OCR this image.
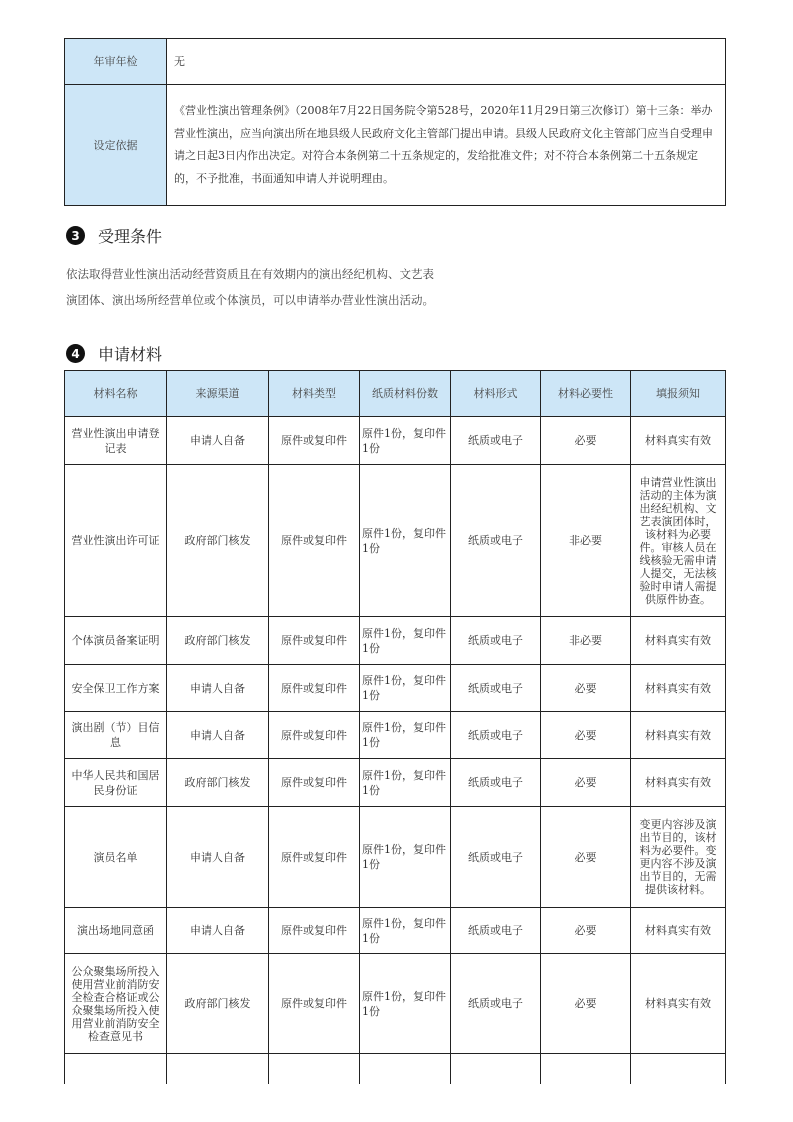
年审年检	无
设定依据	《营业性演出管理条例》（2008年7月22日国务院令第528号，2020年11月29日第三次修订）第十三条：举办营业性演出，应当向演出所在地县级人民政府文化主管部门提出申请。县级人民政府文化主管部门应当自受理申请之日起3日内作出决定。对符合本条例第二十五条规定的，发给批准文件；对不符合本条例第二十五条规定的，不予批准，书面通知申请人并说明理由。
3	受理条件
依法取得营业性演出活动经营资质且在有效期内的演出经纪机构、文艺表
演团体、演出场所经营单位或个体演员，可以申请举办营业性演出活动。
4	申请材料
材料名称	来源渠道	材料类型	纸质材料份数	材料形式	材料必要性	填报须知
营业性演出申请登记表	申请人自备	原件或复印件	原件1份，复印件1份	纸质或电子	必要	材料真实有效
营业性演出许可证	政府部门核发	原件或复印件	原件1份，复印件1份	纸质或电子	非必要	申请营业性演出活动的主体为演出经纪机构、文艺表演团体时，该材料为必要件。审核人员在线核验无需申请人提交，无法核验时申请人需提供原件协查。
个体演员备案证明	政府部门核发	原件或复印件	原件1份，复印件1份	纸质或电子	非必要	材料真实有效
安全保卫工作方案	申请人自备	原件或复印件	原件1份，复印件1份	纸质或电子	必要	材料真实有效
演出剧（节）目信息	申请人自备	原件或复印件	原件1份，复印件1份	纸质或电子	必要	材料真实有效
中华人民共和国居民身份证	政府部门核发	原件或复印件	原件1份，复印件1份	纸质或电子	必要	材料真实有效
演员名单	申请人自备	原件或复印件	原件1份，复印件1份	纸质或电子	必要	变更内容涉及演出节目的，该材料为必要件。变更内容不涉及演出节目的，无需提供该材料。
演出场地同意函	申请人自备	原件或复印件	原件1份，复印件1份	纸质或电子	必要	材料真实有效
公众聚集场所投入使用营业前消防安全检查合格证或公众聚集场所投入使用营业前消防安全检查意见书	政府部门核发	原件或复印件	原件1份，复印件1份	纸质或电子	必要	材料真实有效
